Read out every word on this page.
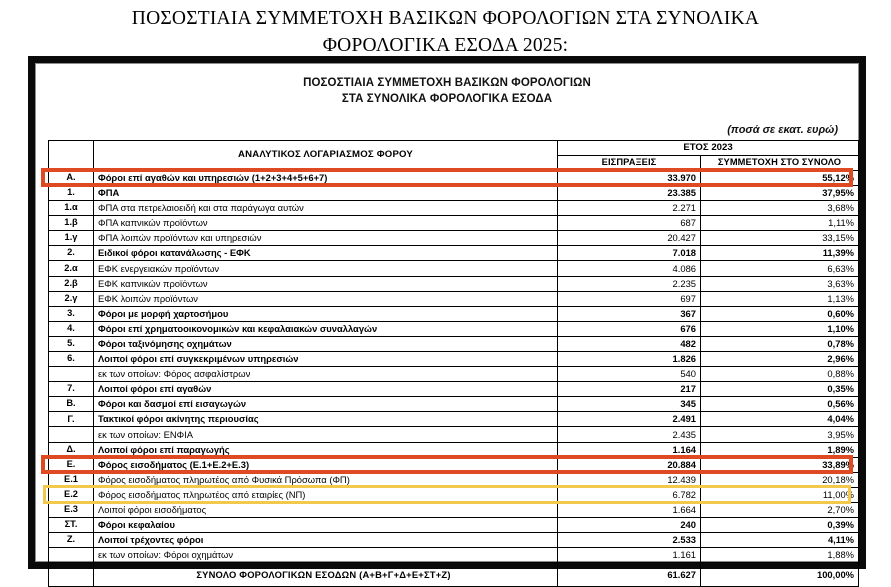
ΠΟΣΟΣΤΙΑΙΑ ΣΥΜΜΕΤΟΧΗ ΒΑΣΙΚΩΝ ΦΟΡΟΛΟΓΙΩΝ ΣΤΑ ΣΥΝΟΛΙΚΑ
ΦΟΡΟΛΟΓΙΚΑ ΕΣΟΔΑ 2025:
ΠΟΣΟΣΤΙΑΙΑ ΣΥΜΜΕΤΟΧΗ ΒΑΣΙΚΩΝ ΦΟΡΟΛΟΓΙΩΝ
ΣΤΑ ΣΥΝΟΛΙΚΑ ΦΟΡΟΛΟΓΙΚΑ ΕΣΟΔΑ
(ποσά σε εκατ. ευρώ)
	ΑΝΑΛΥΤΙΚΟΣ ΛΟΓΑΡΙΑΣΜΟΣ ΦΟΡΟΥ	ΕΤΟΣ 2023	
		ΕΙΣΠΡΑΞΕΙΣ	ΣΥΜΜΕΤΟΧΗ ΣΤΟ ΣΥΝΟΛΟ
Α.	Φόροι επί αγαθών και υπηρεσιών (1+2+3+4+5+6+7)	33.970	55,12%
1.	ΦΠΑ	23.385	37,95%
1.α	ΦΠΑ στα πετρελαιοειδή και στα παράγωγα αυτών	2.271	3,68%
1.β	ΦΠΑ καπνικών προϊόντων	687	1,11%
1.γ	ΦΠΑ λοιπών προϊόντων και υπηρεσιών	20.427	33,15%
2.	Ειδικοί φόροι κατανάλωσης - ΕΦΚ	7.018	11,39%
2.α	ΕΦΚ ενεργειακών προϊόντων	4.086	6,63%
2.β	ΕΦΚ καπνικών προϊόντων	2.235	3,63%
2.γ	ΕΦΚ λοιπών προϊόντων	697	1,13%
3.	Φόροι με μορφή χαρτοσήμου	367	0,60%
4.	Φόροι επί χρηματοοικονομικών και κεφαλαιακών συναλλαγών	676	1,10%
5.	Φόροι ταξινόμησης οχημάτων	482	0,78%
6.	Λοιποί φόροι επί συγκεκριμένων υπηρεσιών	1.826	2,96%
	εκ των οποίων: Φόρος ασφαλίστρων	540	0,88%
7.	Λοιποί φόροι επί αγαθών	217	0,35%
Β.	Φόροι και δασμοί επί εισαγωγών	345	0,56%
Γ.	Τακτικοί φόροι ακίνητης περιουσίας	2.491	4,04%
	εκ των οποίων: ΕΝΦΙΑ	2.435	3,95%
Δ.	Λοιποί φόροι επί παραγωγής	1.164	1,89%
Ε.	Φόρος εισοδήματος (Ε.1+Ε.2+Ε.3)	20.884	33,89%
Ε.1	Φόρος εισοδήματος πληρωτέος από Φυσικά Πρόσωπα (ΦΠ)	12.439	20,18%
Ε.2	Φόρος εισοδήματος πληρωτέος από εταιρίες (ΝΠ)	6.782	11,00%
Ε.3	Λοιποί φόροι εισοδήματος	1.664	2,70%
ΣΤ.	Φόροι κεφαλαίου	240	0,39%
Ζ.	Λοιποί τρέχοντες φόροι	2.533	4,11%
	εκ των οποίων: Φόροι οχημάτων	1.161	1,88%
	ΣΥΝΟΛΟ ΦΟΡΟΛΟΓΙΚΩΝ ΕΣΟΔΩΝ (Α+Β+Γ+Δ+Ε+ΣΤ+Ζ)	61.627	100,00%
